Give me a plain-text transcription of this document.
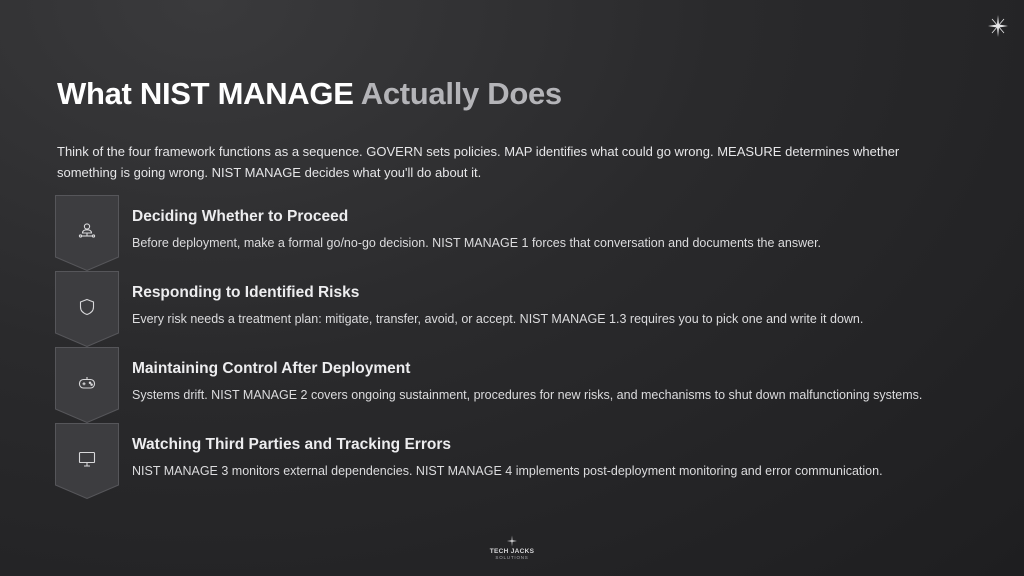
What NIST MANAGE Actually Does

Think of the four framework functions as a sequence. GOVERN sets policies. MAP identifies what could go wrong. MEASURE determines whether something is going wrong. NIST MANAGE decides what you'll do about it.

Deciding Whether to Proceed
Before deployment, make a formal go/no-go decision. NIST MANAGE 1 forces that conversation and documents the answer.
Responding to Identified Risks
Every risk needs a treatment plan: mitigate, transfer, avoid, or accept. NIST MANAGE 1.3 requires you to pick one and write it down.
Maintaining Control After Deployment
Systems drift. NIST MANAGE 2 covers ongoing sustainment, procedures for new risks, and mechanisms to shut down malfunctioning systems.
Watching Third Parties and Tracking Errors
NIST MANAGE 3 monitors external dependencies. NIST MANAGE 4 implements post-deployment monitoring and error communication.
TECH JACKS
SOLUTIONS
